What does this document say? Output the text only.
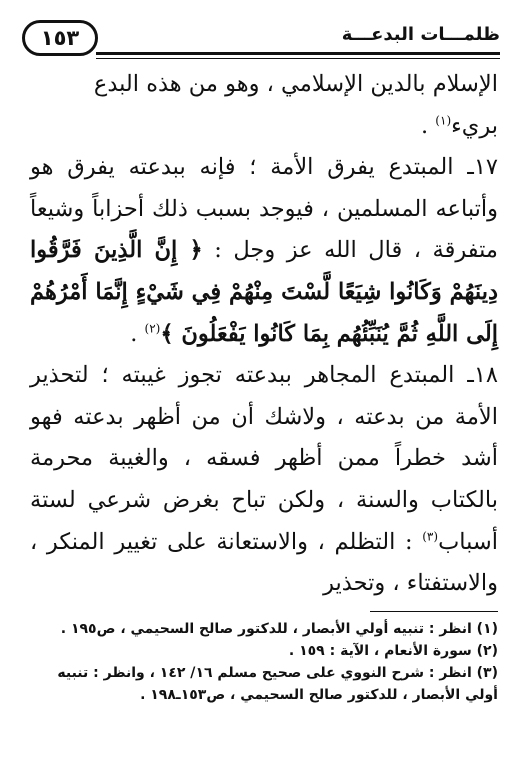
١٥٣	ظلمـــات البدعـــة

الإسلام بالدين الإسلامي ، وهو من هذه البدع
بريء$^{(١)}$ .

١٧ـ المبتدع يفرق الأمة ؛ فإنه ببدعته يفرق هو وأتباعه المسلمين ، فيوجد بسبب ذلك أحزاباً وشيعاً متفرقة ، قال الله عز وجل : ﴿ إِنَّ الَّذِينَ فَرَّقُوا دِينَهُمْ وَكَانُوا شِيَعًا لَّسْتَ مِنْهُمْ فِي شَيْءٍ إِنَّمَا أَمْرُهُمْ إِلَى اللَّهِ ثُمَّ يُنَبِّئُهُم بِمَا كَانُوا يَفْعَلُونَ ﴾$^{(٢)}$ .

١٨ـ المبتدع المجاهر ببدعته تجوز غيبته ؛ لتحذير الأمة من بدعته ، ولاشك أن من أظهر بدعته فهو أشد خطراً ممن أظهر فسقه ، والغيبة محرمة بالكتاب والسنة ، ولكن تباح بغرض شرعي لستة أسباب$^{(٣)}$ : التظلم ، والاستعانة على تغيير المنكر ، والاستفتاء ، وتحذير

(١) انظر : تنبيه أولي الأبصار ، للدكتور صالح السحيمي ، ص١٩٥ .

(٢) سورة الأنعام ، الآية : ١٥٩ .

(٣) انظر : شرح النووي على صحيح مسلم ١٦/ ١٤٢ ، وانظر : تنبيه أولي الأبصار ، للدكتور صالح السحيمي ، ص١٥٣ـ١٩٨ .
